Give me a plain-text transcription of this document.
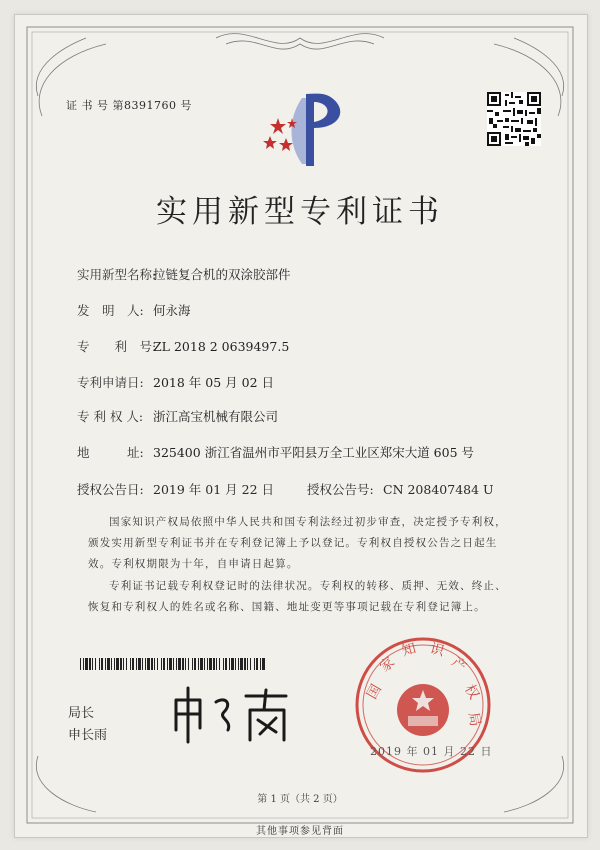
证 书 号 第8391760 号
实用新型专利证书
实用新型名称:拉链复合机的双涂胶部件
发　明　人: 何永海
专　　利　号:ZL 2018 2 0639497.5
专利申请日: 2018 年 05 月 02 日
专 利 权 人: 浙江高宝机械有限公司
地　　　址: 325400 浙江省温州市平阳县万全工业区郑宋大道 605 号
授权公告日: 2019 年 01 月 22 日	授权公告号: CN 208407484 U
国家知识产权局依照中华人民共和国专利法经过初步审查，决定授予专利权，颁发实用新型专利证书并在专利登记簿上予以登记。专利权自授权公告之日起生效。专利权期限为十年，自申请日起算。
专利证书记载专利权登记时的法律状况。专利权的转移、质押、无效、终止、恢复和专利权人的姓名或名称、国籍、地址变更等事项记载在专利登记簿上。
局长
申长雨
国
家
知 识
产
权
局
2019 年 01 月 22 日
第 1 页（共 2 页）
其他事项参见背面
